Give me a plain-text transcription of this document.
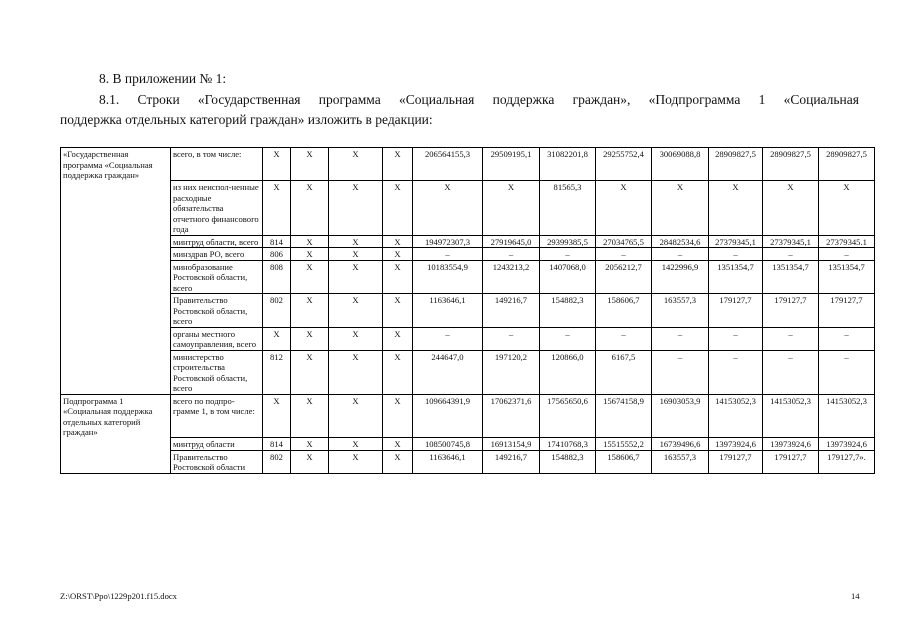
8. В приложении № 1:
8.1. Строки «Государственная программа «Социальная поддержка граждан», «Подпрограмма 1 «Социальная
поддержка отдельных категорий граждан» изложить в редакции:
«Государственная программа «Социальная поддержка граждан»	всего, в том числе:	X	X	X	X	206564155,3	29509195,1	31082201,8	29255752,4	30069088,8	28909827,5	28909827,5	28909827,5
	из них неиспол-ненные расходные обязательства отчетного финансового года	X	X	X	X	X	X	81565,3	X	X	X	X	X
	минтруд области, всего	814	X	X	X	194972307,3	27919645,0	29399385,5	27034765,5	28482534,6	27379345,1	27379345,1	27379345.1
	минздрав РО, всего	806	X	X	X	–	–	–	–	–	–	–	–
	минобразование Ростовской области, всего	808	X	X	X	10183554,9	1243213,2	1407068,0	2056212,7	1422996,9	1351354,7	1351354,7	1351354,7
	Правительство Ростовской области, всего	802	X	X	X	1163646,1	149216,7	154882,3	158606,7	163557,3	179127,7	179127,7	179127,7
	органы местного самоуправления, всего	X	X	X	X	–	–	–	–	–	–	–	–
	министерство строительства Ростовской области, всего	812	X	X	X	244647,0	197120,2	120866,0	6167,5	–	–	–	–
Подпрограмма 1 «Социальная поддержка отдельных категорий граждан»	всего по подпро-грамме 1, в том числе:	X	X	X	X	109664391,9	17062371,6	17565650,6	15674158,9	16903053,9	14153052,3	14153052,3	14153052,3
	минтруд области	814	X	X	X	108500745,8	16913154,9	17410768,3	15515552,2	16739496,6	13973924,6	13973924,6	13973924,6
	Правительство Ростовской области	802	X	X	X	1163646,1	149216,7	154882,3	158606,7	163557,3	179127,7	179127,7	179127,7».
Z:\ORST\Ppo\1229p201.f15.docx	14
